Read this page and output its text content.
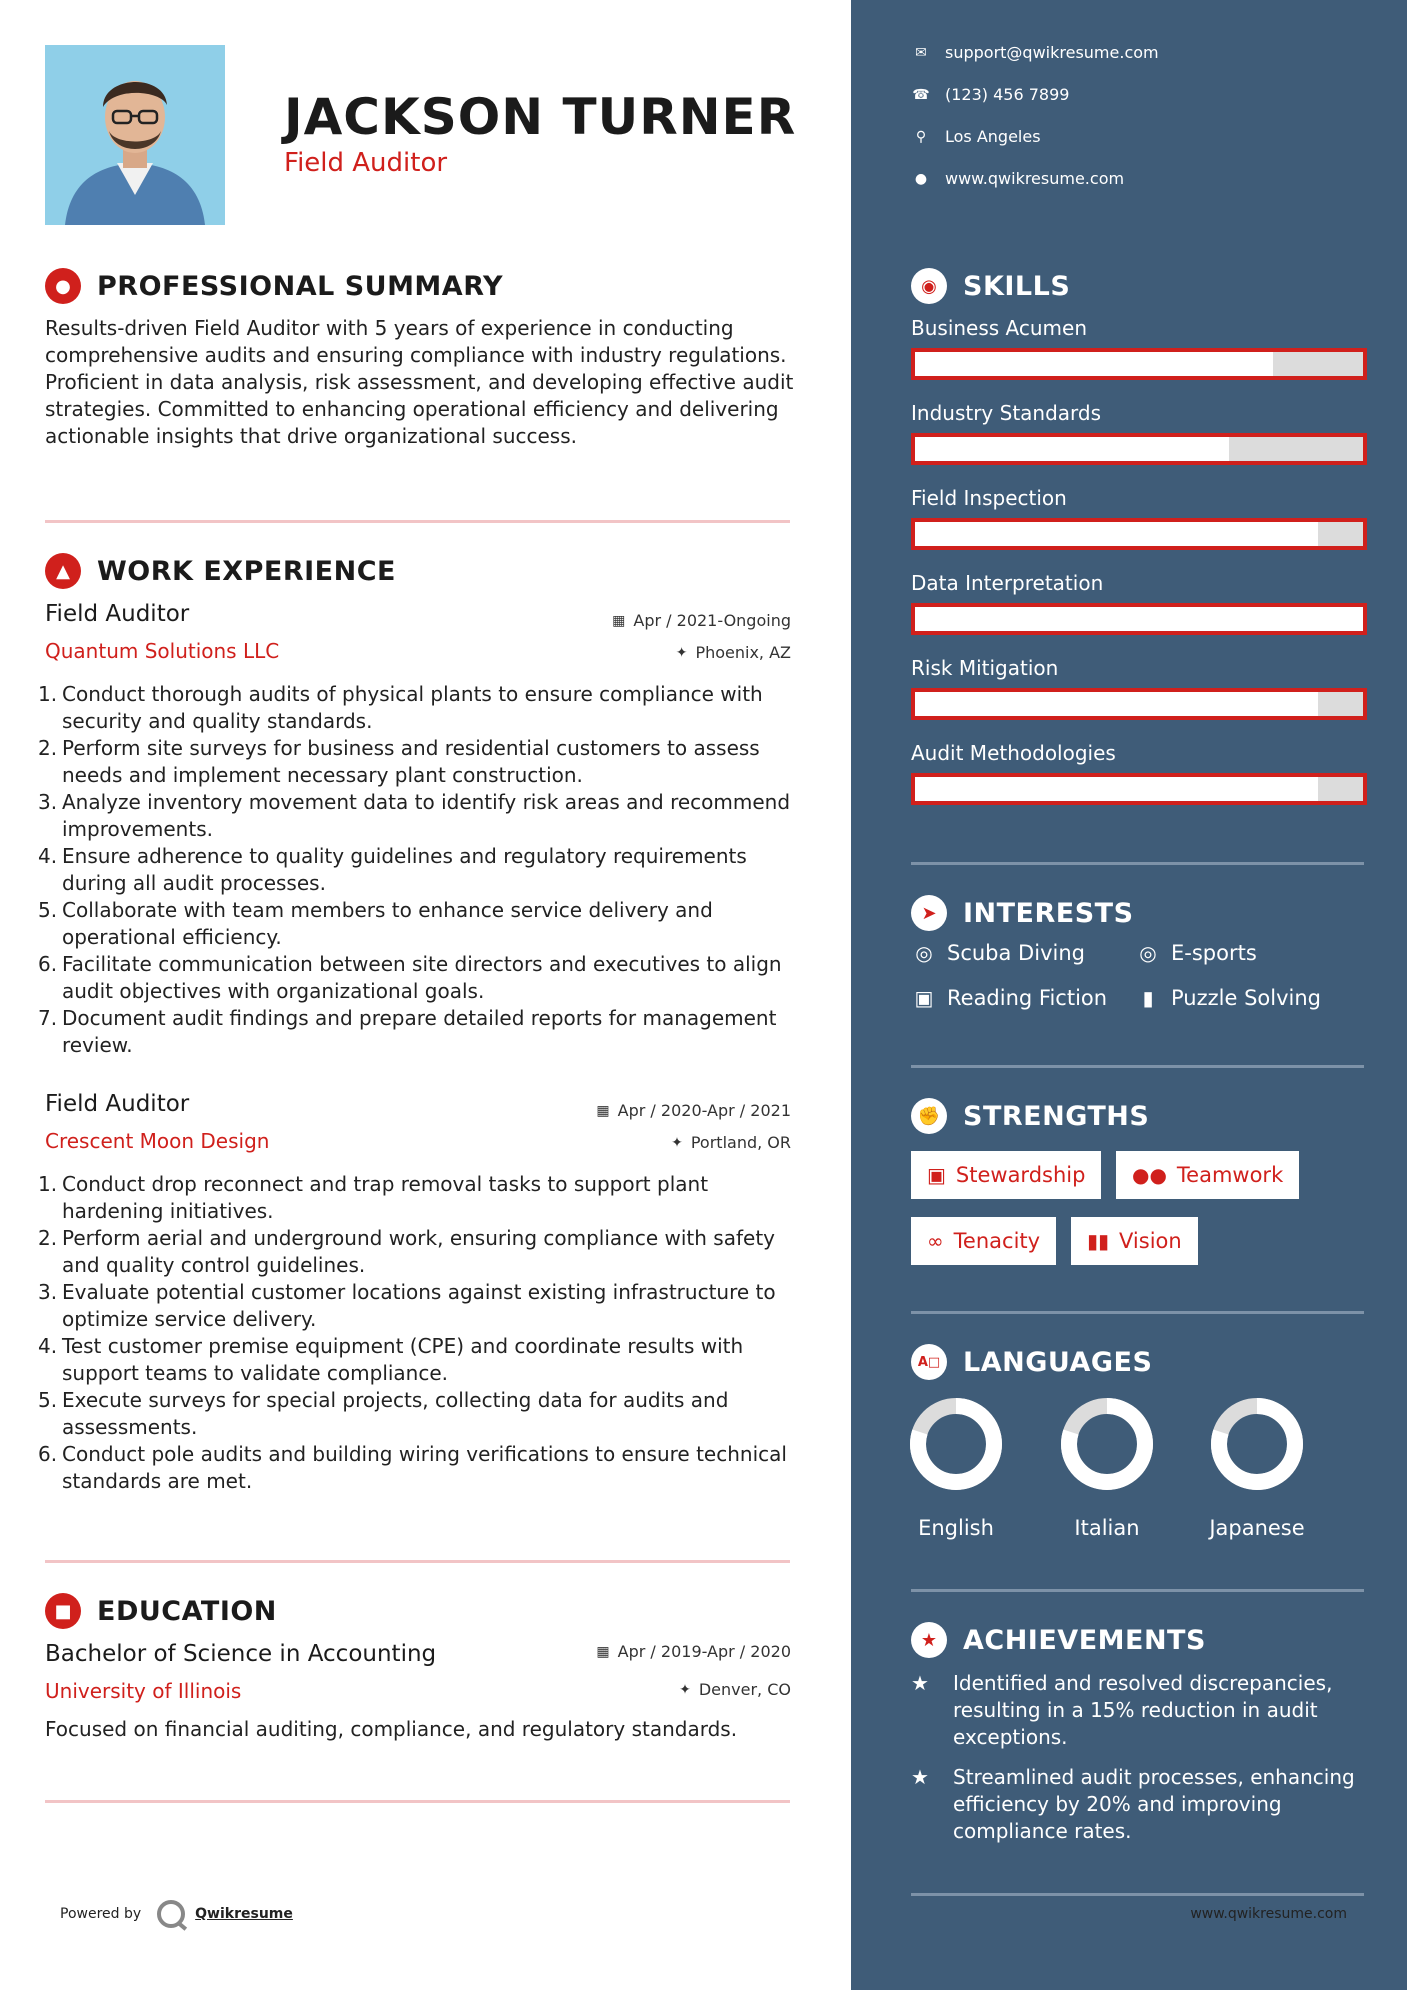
JACKSON TURNER
Field Auditor
● PROFESSIONAL SUMMARY
Results-driven Field Auditor with 5 years of experience in conducting comprehensive audits and ensuring compliance with industry regulations. Proficient in data analysis, risk assessment, and developing effective audit strategies. Committed to enhancing operational efficiency and delivering actionable insights that drive organizational success.
▲	WORK EXPERIENCE
Field Auditor	▦ Apr / 2021-Ongoing
Quantum Solutions LLC	✦ Phoenix, AZ
1. Conduct thorough audits of physical plants to ensure compliance with security and quality standards.
2. Perform site surveys for business and residential customers to assess needs and implement necessary plant construction.
3. Analyze inventory movement data to identify risk areas and recommend improvements.
4. Ensure adherence to quality guidelines and regulatory requirements during all audit processes.
5. Collaborate with team members to enhance service delivery and operational efficiency.
6. Facilitate communication between site directors and executives to align audit objectives with organizational goals.
7. Document audit findings and prepare detailed reports for management review.
Field Auditor	▦ Apr / 2020-Apr / 2021
Crescent Moon Design	✦ Portland, OR
1. Conduct drop reconnect and trap removal tasks to support plant hardening initiatives.
2. Perform aerial and underground work, ensuring compliance with safety and quality control guidelines.
3. Evaluate potential customer locations against existing infrastructure to optimize service delivery.
4. Test customer premise equipment (CPE) and coordinate results with support teams to validate compliance.
5. Execute surveys for special projects, collecting data for audits and assessments.
6. Conduct pole audits and building wiring verifications to ensure technical standards are met.
■ EDUCATION
Bachelor of Science in Accounting	▦ Apr / 2019-Apr / 2020
University of Illinois	✦ Denver, CO
Focused on financial auditing, compliance, and regulatory standards.
Powered by	Qwikresume
✉ support@qwikresume.com
☎ (123) 456 7899
⚲	Los Angeles
● www.qwikresume.com
◉ SKILLS
Business Acumen
Industry Standards
Field Inspection
Data Interpretation
Risk Mitigation
Audit Methodologies
➤ INTERESTS
◎ Scuba Diving	◎ E-sports
▣ Reading Fiction	▮ Puzzle Solving
✊ STRENGTHS
▣ Stewardship ●● Teamwork
∞ Tenacity ▮▮ Vision
A□ LANGUAGES
English	Italian	Japanese
★ ACHIEVEMENTS
★	Identified and resolved discrepancies, resulting in a 15% reduction in audit exceptions.
★	Streamlined audit processes, enhancing efficiency by 20% and improving compliance rates.
www.qwikresume.com
